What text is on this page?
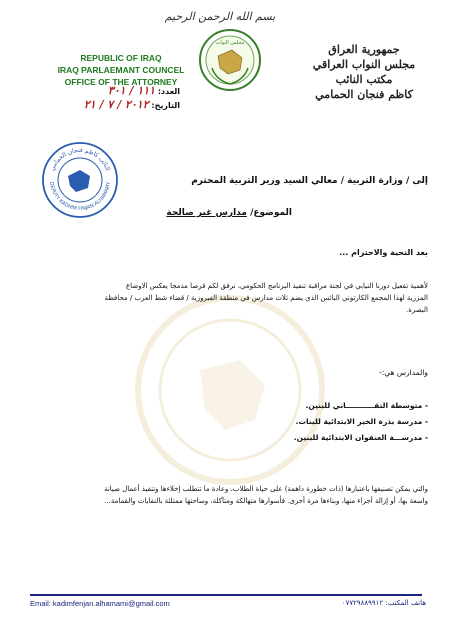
بسم الله الرحمن الرحيم
REPUBLIC OF IRAQ
IRAQ PARLAEMANT COUNCEL
OFFICE OF THE ATTORNEY
مجلس النواب	جمهورية العراق
مجلس النواب العراقي
مكتب النائب
كاظم فنجان الحمامي
العدد: ١١١ / ٣٠١
التاريخ: ٢٠١٢ / ٧ / ٢١
النائب كاظم فنجان الحمامي
DEPUTY KADHIM FINJAN ALHAMAMY	إلى / وزارة التربية / معالي السيد وزير التربية المحترم
الموضوع/ مدارس غير صالحة
بعد التحية والاحترام ...
لأهمية تفعيل دورنا النيابي في لجنة مراقبة تنفيذ البرنامج الحكومي، نرفق لكم قرصا مدمجا يعكس الاوضاع
المزرية لهذا المجمع الكارتوني البائس الذي يضم ثلاث مدارس في منطقة الفيروزية / قضاء شط العرب / محافظة
البصرة.
والمدارس هي:-
- متوسطة التقـــــــــــاني للبنين.
- مدرسة بذرة الخير الابتدائية للبنات.
- مدرســـة العنفوان الابتدائية للبنين.
والتي يمكن تصنيفها باعتبارها (ذات خطورة داهمة) على حياة الطلاب، وعادة ما تتطلب إخلاءها وتنفيذ أعمال صيانة
واسعة بها، أو إزالة أجزاء منها، وبناءها مرة أخرى. فأسوارها متهالكة ومتآكلة، وساحتها ممتلئة بالنفايات والقمامة...
Email: kadimfenjan.alhamami@gmail.com	هاتف المكتب: ٠٧٧٢٩٨٨٩٩١٢
